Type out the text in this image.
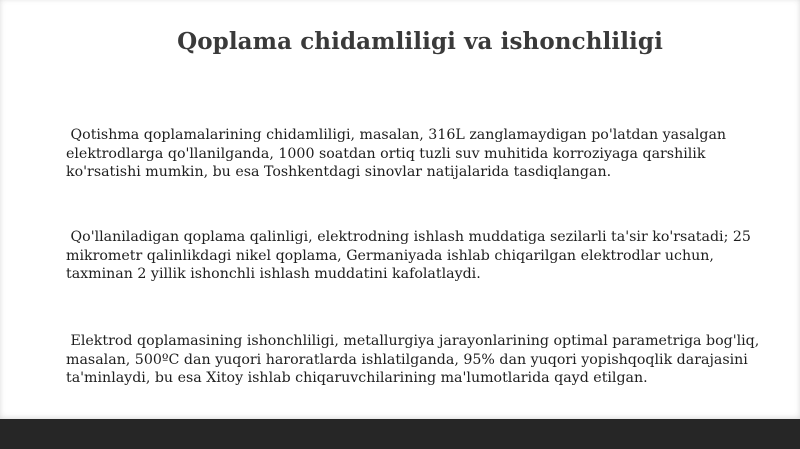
Qoplama chidamliligi va ishonchliligi

Qotishma qoplamalarining chidamliligi, masalan, 316L zanglamaydigan po'latdan yasalgan elektrodlarga qo'llanilganda, 1000 soatdan ortiq tuzli suv muhitida korroziyaga qarshilik ko'rsatishi mumkin, bu esa Toshkentdagi sinovlar natijalarida tasdiqlangan.

Qo'llaniladigan qoplama qalinligi, elektrodning ishlash muddatiga sezilarli ta'sir ko'rsatadi; 25 mikrometr qalinlikdagi nikel qoplama, Germaniyada ishlab chiqarilgan elektrodlar uchun, taxminan 2 yillik ishonchli ishlash muddatini kafolatlaydi.

Elektrod qoplamasining ishonchliligi, metallurgiya jarayonlarining optimal parametriga bog'liq, masalan, 500ºC dan yuqori haroratlarda ishlatilganda, 95% dan yuqori yopishqoqlik darajasini ta'minlaydi, bu esa Xitoy ishlab chiqaruvchilarining ma'lumotlarida qayd etilgan.
